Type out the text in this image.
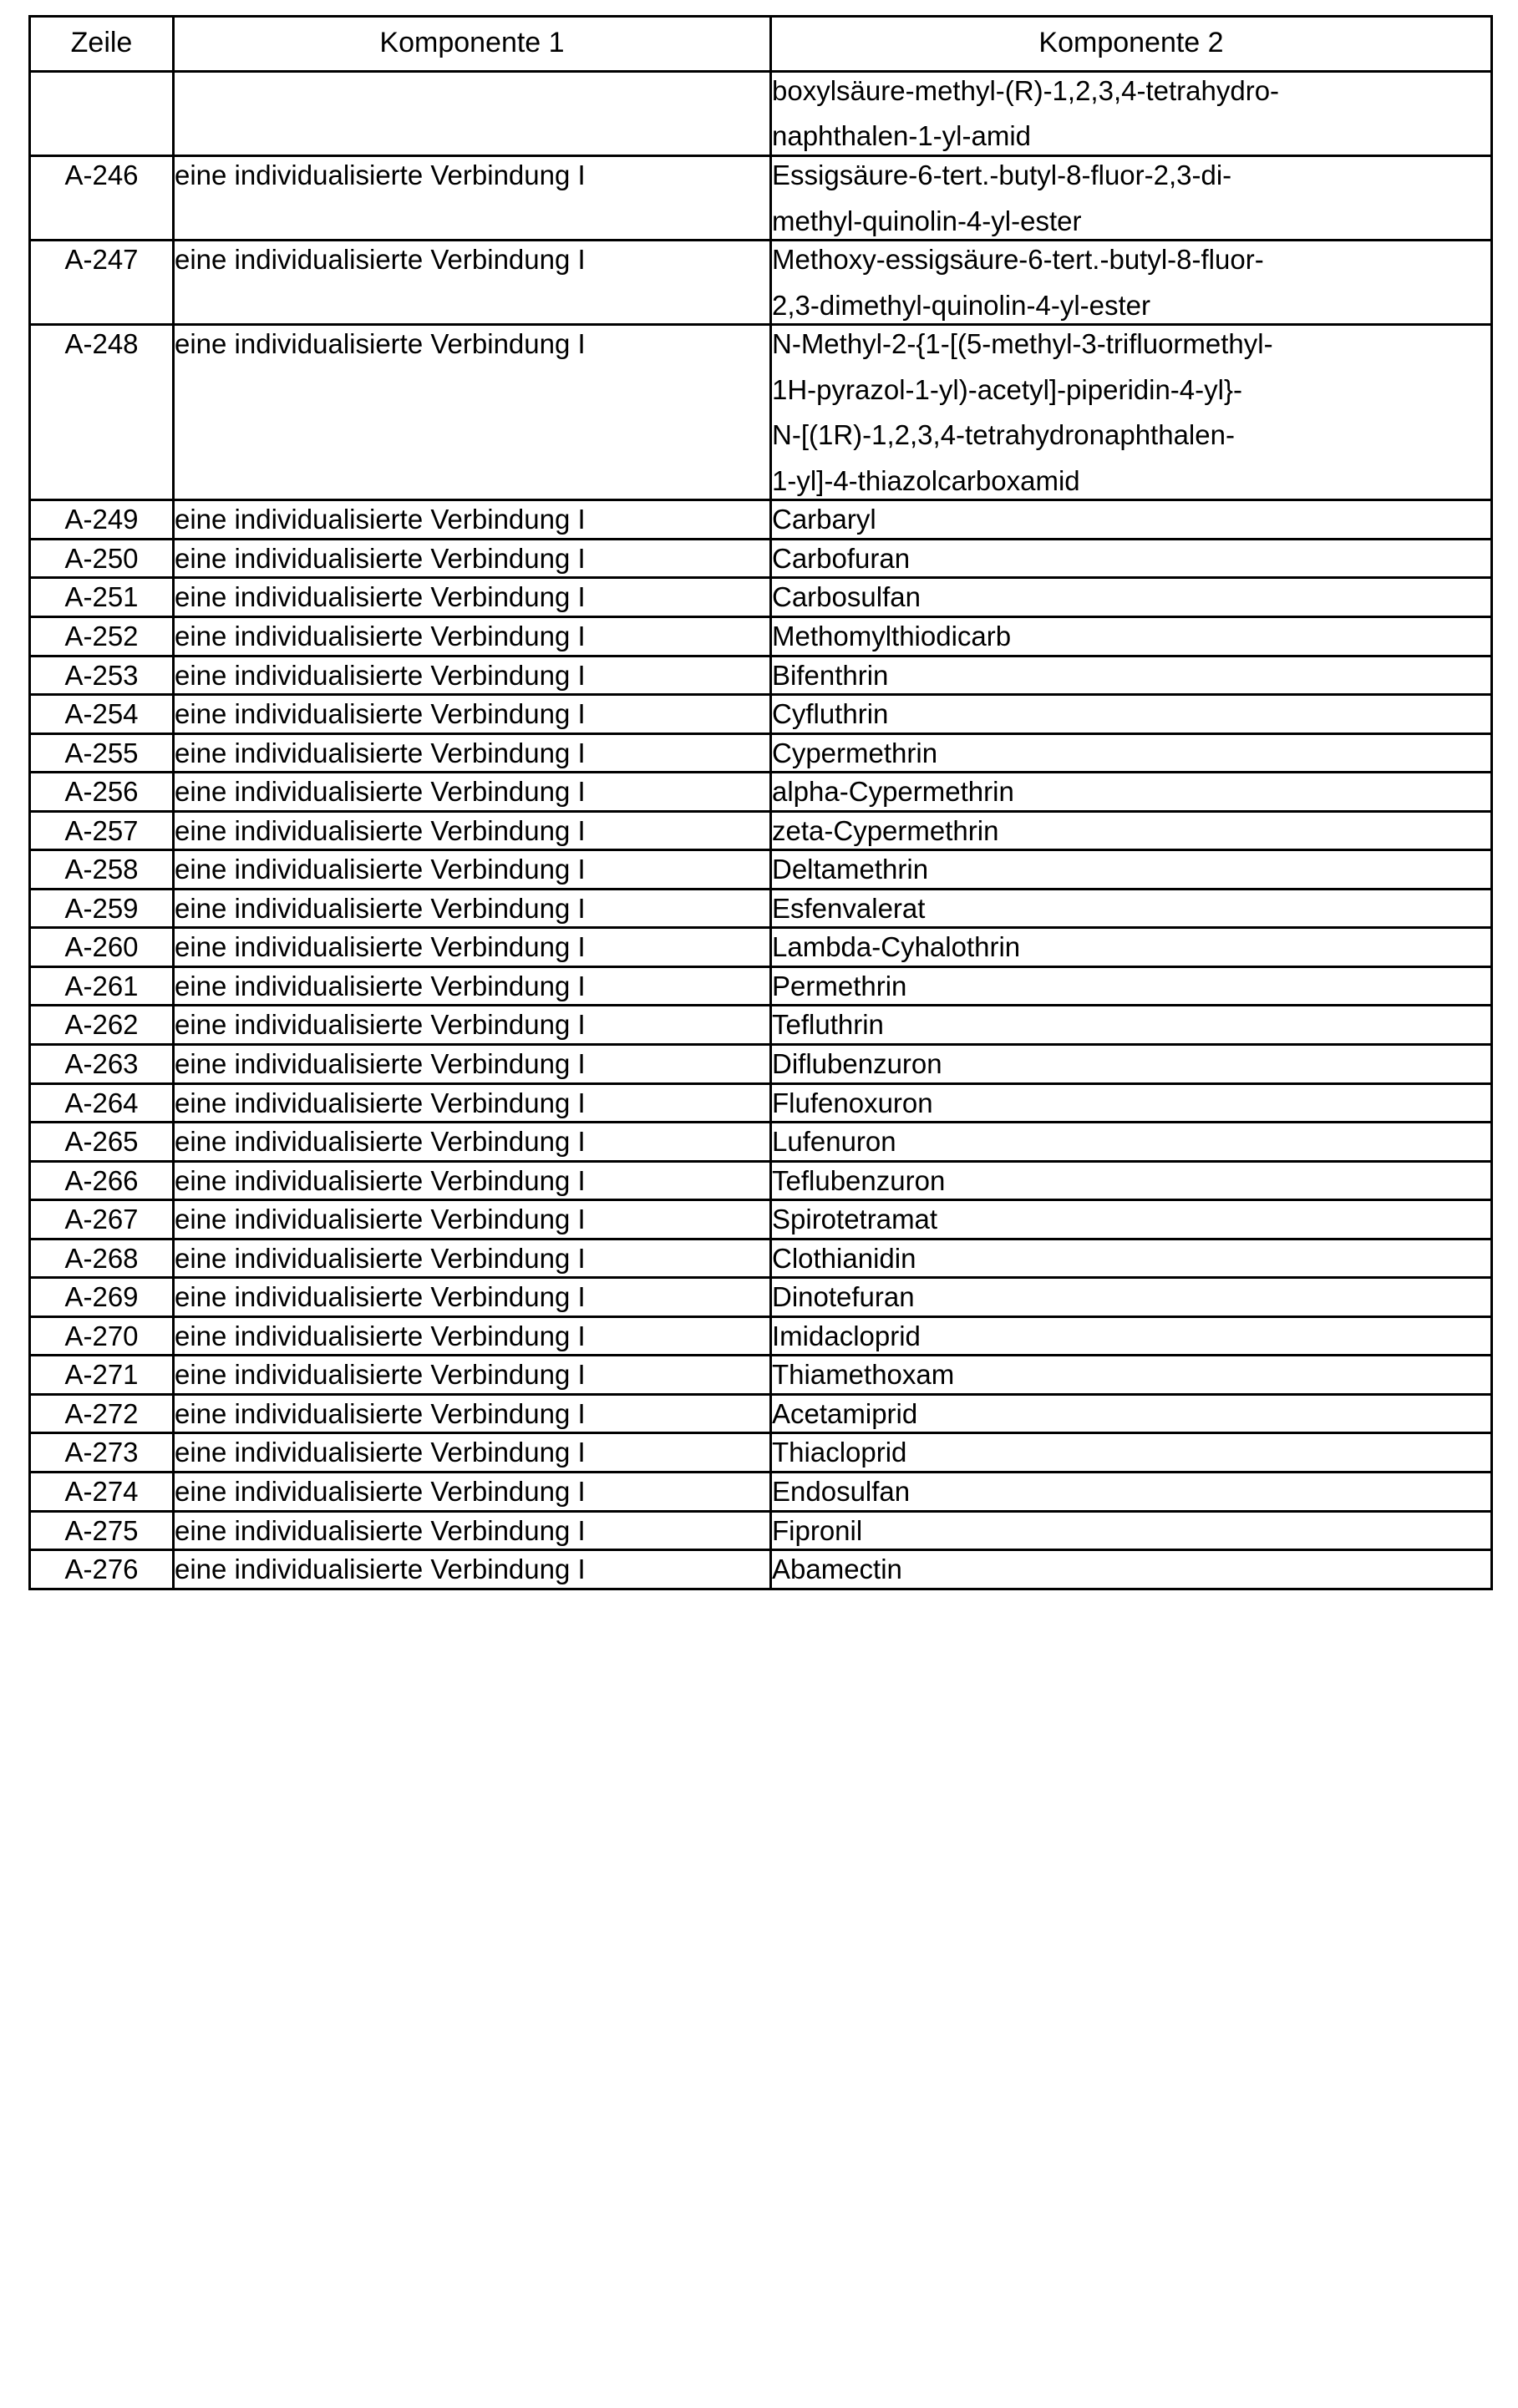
Zeile	Komponente 1	Komponente 2

		boxylsäure-methyl-(R)-1,2,3,4-tetrahydro-
naphthalen-1-yl-amid

A-246	eine individualisierte Verbindung I	Essigsäure-6-tert.-butyl-8-fluor-2,3-di-
methyl-quinolin-4-yl-ester

A-247	eine individualisierte Verbindung I	Methoxy-essigsäure-6-tert.-butyl-8-fluor-
2,3-dimethyl-quinolin-4-yl-ester

A-248	eine individualisierte Verbindung I	N-Methyl-2-{1-[(5-methyl-3-trifluormethyl-
1H-pyrazol-1-yl)-acetyl]-piperidin-4-yl}-
N-[(1R)-1,2,3,4-tetrahydronaphthalen-
1-yl]-4-thiazolcarboxamid

A-249	eine individualisierte Verbindung I	Carbaryl

A-250	eine individualisierte Verbindung I	Carbofuran

A-251	eine individualisierte Verbindung I	Carbosulfan

A-252	eine individualisierte Verbindung I	Methomylthiodicarb

A-253	eine individualisierte Verbindung I	Bifenthrin

A-254	eine individualisierte Verbindung I	Cyfluthrin

A-255	eine individualisierte Verbindung I	Cypermethrin

A-256	eine individualisierte Verbindung I	alpha-Cypermethrin

A-257	eine individualisierte Verbindung I	zeta-Cypermethrin

A-258	eine individualisierte Verbindung I	Deltamethrin

A-259	eine individualisierte Verbindung I	Esfenvalerat

A-260	eine individualisierte Verbindung I	Lambda-Cyhalothrin

A-261	eine individualisierte Verbindung I	Permethrin

A-262	eine individualisierte Verbindung I	Tefluthrin

A-263	eine individualisierte Verbindung I	Diflubenzuron

A-264	eine individualisierte Verbindung I	Flufenoxuron

A-265	eine individualisierte Verbindung I	Lufenuron

A-266	eine individualisierte Verbindung I	Teflubenzuron

A-267	eine individualisierte Verbindung I	Spirotetramat

A-268	eine individualisierte Verbindung I	Clothianidin

A-269	eine individualisierte Verbindung I	Dinotefuran

A-270	eine individualisierte Verbindung I	Imidacloprid

A-271	eine individualisierte Verbindung I	Thiamethoxam

A-272	eine individualisierte Verbindung I	Acetamiprid

A-273	eine individualisierte Verbindung I	Thiacloprid

A-274	eine individualisierte Verbindung I	Endosulfan

A-275	eine individualisierte Verbindung I	Fipronil

A-276	eine individualisierte Verbindung I	Abamectin
